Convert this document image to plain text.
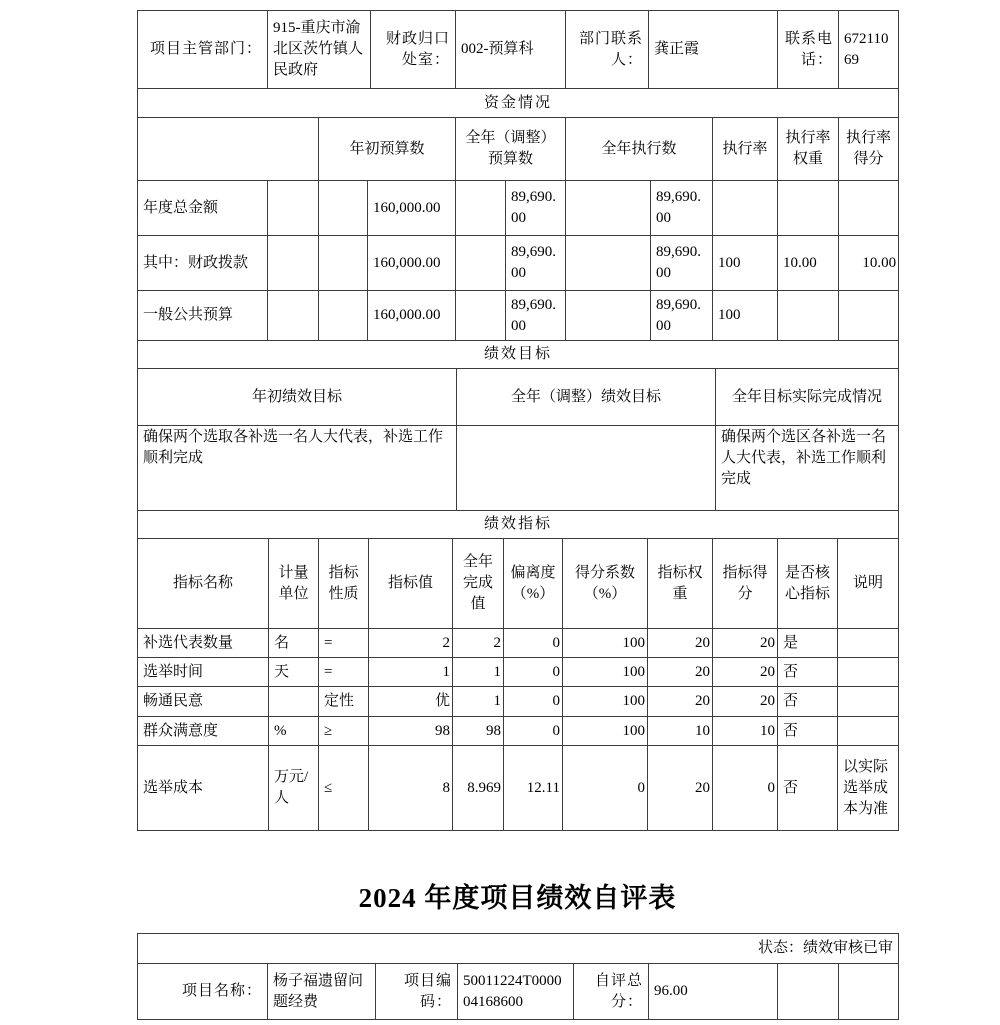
项目主管部门：	915-重庆市渝北区茨竹镇人民政府	财政归口处室：	002-预算科	部门联系人：	龚正霞	联系电话：	67211069
资金情况										
		年初预算数		全年（调整）预算数		全年执行数		执行率	执行率权重	执行率得分
年度总金额			160,000.00		89,690.00		89,690.00			
其中：财政拨款			160,000.00		89,690.00		89,690.00	100	10.00	10.00
一般公共预算			160,000.00		89,690.00		89,690.00	100		
绩效目标		
年初绩效目标	全年（调整）绩效目标	全年目标实际完成情况
确保两个选取各补选一名人大代表，补选工作顺利完成		确保两个选区各补选一名人大代表，补选工作顺利完成
绩效指标										
指标名称	计量单位	指标性质	指标值	全年完成值	偏离度（%）	得分系数（%）	指标权重	指标得分	是否核心指标	说明
补选代表数量	名	=	2	2	0	100	20	20	是	
选举时间	天	=	1	1	0	100	20	20	否	
畅通民意		定性	优	1	0	100	20	20	否	
群众满意度	%	≥	98	98	0	100	10	10	否	
选举成本	万元/人	≤	8	8.969	12.11	0	20	0	否	以实际选举成本为准
2024 年度项目绩效自评表
状态：绩效审核已审
项目名称：	杨子福遗留问题经费	项目编码：	50011224T000004168600	自评总分：	96.00		
